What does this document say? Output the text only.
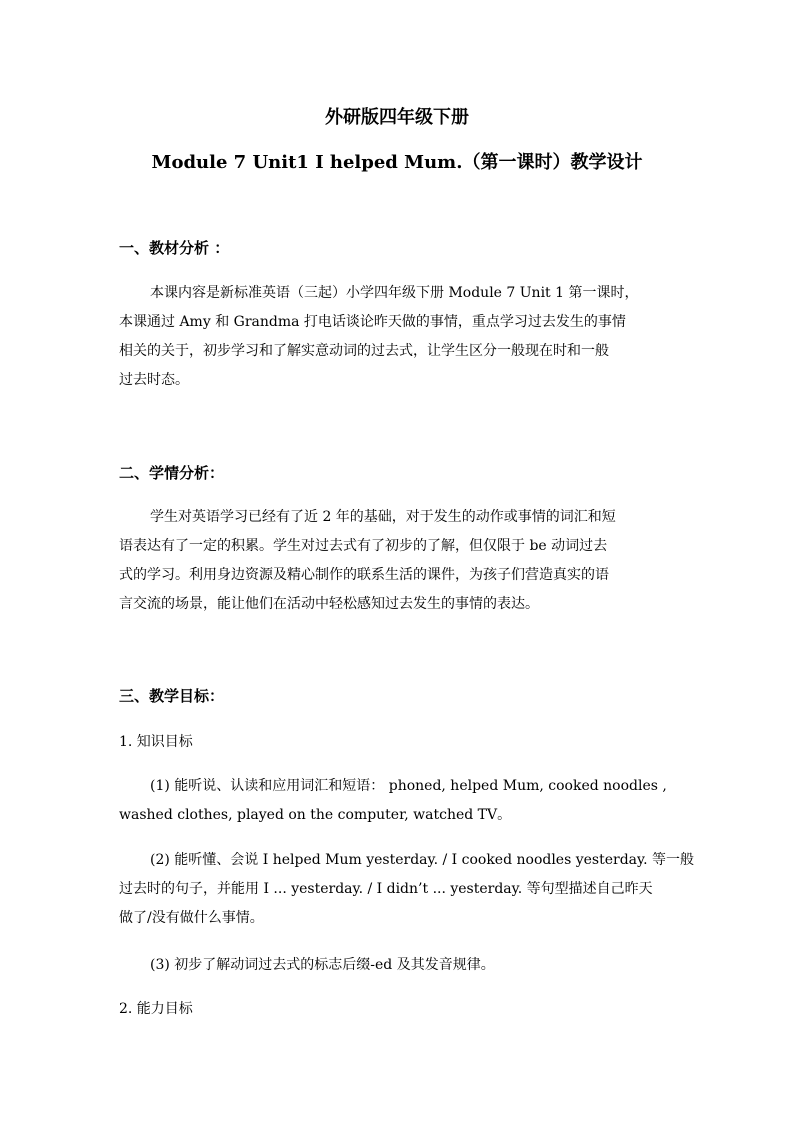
外研版四年级下册
Module 7 Unit1 I helped Mum.（第一课时）教学设计
一、教材分析 ：
本课内容是新标准英语（三起）小学四年级下册 Module 7 Unit 1 第一课时，
本课通过 Amy 和 Grandma 打电话谈论昨天做的事情，重点学习过去发生的事情
相关的关于，初步学习和了解实意动词的过去式，让学生区分一般现在时和一般
过去时态。
二、学情分析：
学生对英语学习已经有了近 2 年的基础，对于发生的动作或事情的词汇和短
语表达有了一定的积累。学生对过去式有了初步的了解，但仅限于 be 动词过去
式的学习。利用身边资源及精心制作的联系生活的课件，为孩子们营造真实的语
言交流的场景，能让他们在活动中轻松感知过去发生的事情的表达。
三、教学目标：
1. 知识目标
(1) 能听说、认读和应用词汇和短语： phoned, helped Mum, cooked noodles ,
washed clothes, played on the computer, watched TV。
(2) 能听懂、会说 I helped Mum yesterday. / I cooked noodles yesterday. 等一般
过去时的句子，并能用 I ... yesterday. / I didn’t ... yesterday. 等句型描述自己昨天
做了/没有做什么事情。
(3) 初步了解动词过去式的标志后缀-ed 及其发音规律。
2. 能力目标
